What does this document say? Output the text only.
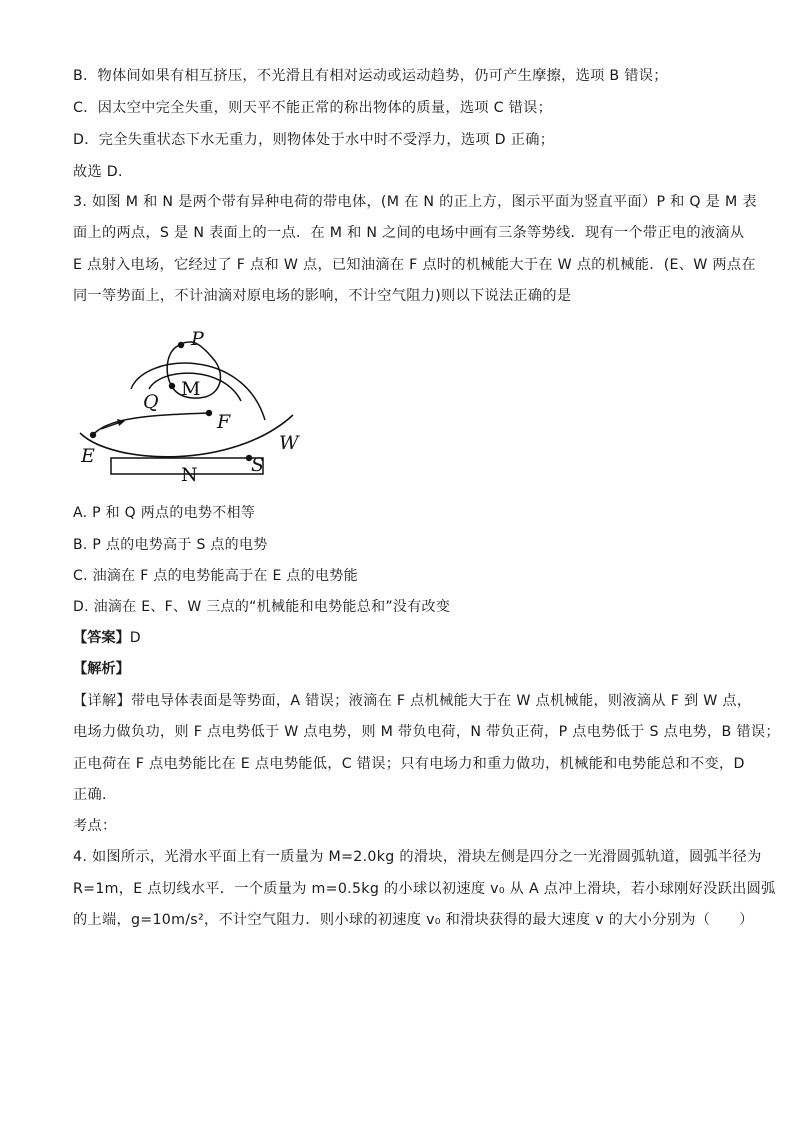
B．物体间如果有相互挤压，不光滑且有相对运动或运动趋势，仍可产生摩擦，选项 B 错误；
C．因太空中完全失重，则天平不能正常的称出物体的质量，选项 C 错误；
D．完全失重状态下水无重力，则物体处于水中时不受浮力，选项 D 正确；
故选 D.
3. 如图 M 和 N 是两个带有异种电荷的带电体，(M 在 N 的正上方，图示平面为竖直平面）P 和 Q 是 M 表
面上的两点，S 是 N 表面上的一点．在 M 和 N 之间的电场中画有三条等势线．现有一个带正电的液滴从
E 点射入电场，它经过了 F 点和 W 点，已知油滴在 F 点时的机械能大于在 W 点的机械能．(E、W 两点在
同一等势面上，不计油滴对原电场的影响，不计空气阻力)则以下说法正确的是
P
M
Q
F
E
W
S
N
A. P 和 Q 两点的电势不相等
B. P 点的电势高于 S 点的电势
C. 油滴在 F 点的电势能高于在 E 点的电势能
D. 油滴在 E、F、W 三点的“机械能和电势能总和”没有改变
【答案】D
【解析】
【详解】带电导体表面是等势面，A 错误；液滴在 F 点机械能大于在 W 点机械能，则液滴从 F 到 W 点，
电场力做负功，则 F 点电势低于 W 点电势，则 M 带负电荷，N 带负正荷，P 点电势低于 S 点电势，B 错误；
正电荷在 F 点电势能比在 E 点电势能低，C 错误；只有电场力和重力做功，机械能和电势能总和不变，D
正确．
考点：
4. 如图所示，光滑水平面上有一质量为 M=2.0kg 的滑块，滑块左侧是四分之一光滑圆弧轨道，圆弧半径为
R=1m，E 点切线水平．一个质量为 m=0.5kg 的小球以初速度 v₀ 从 A 点冲上滑块，若小球刚好没跃出圆弧
的上端，g=10m/s²，不计空气阻力．则小球的初速度 v₀ 和滑块获得的最大速度 v 的大小分别为（　　）
